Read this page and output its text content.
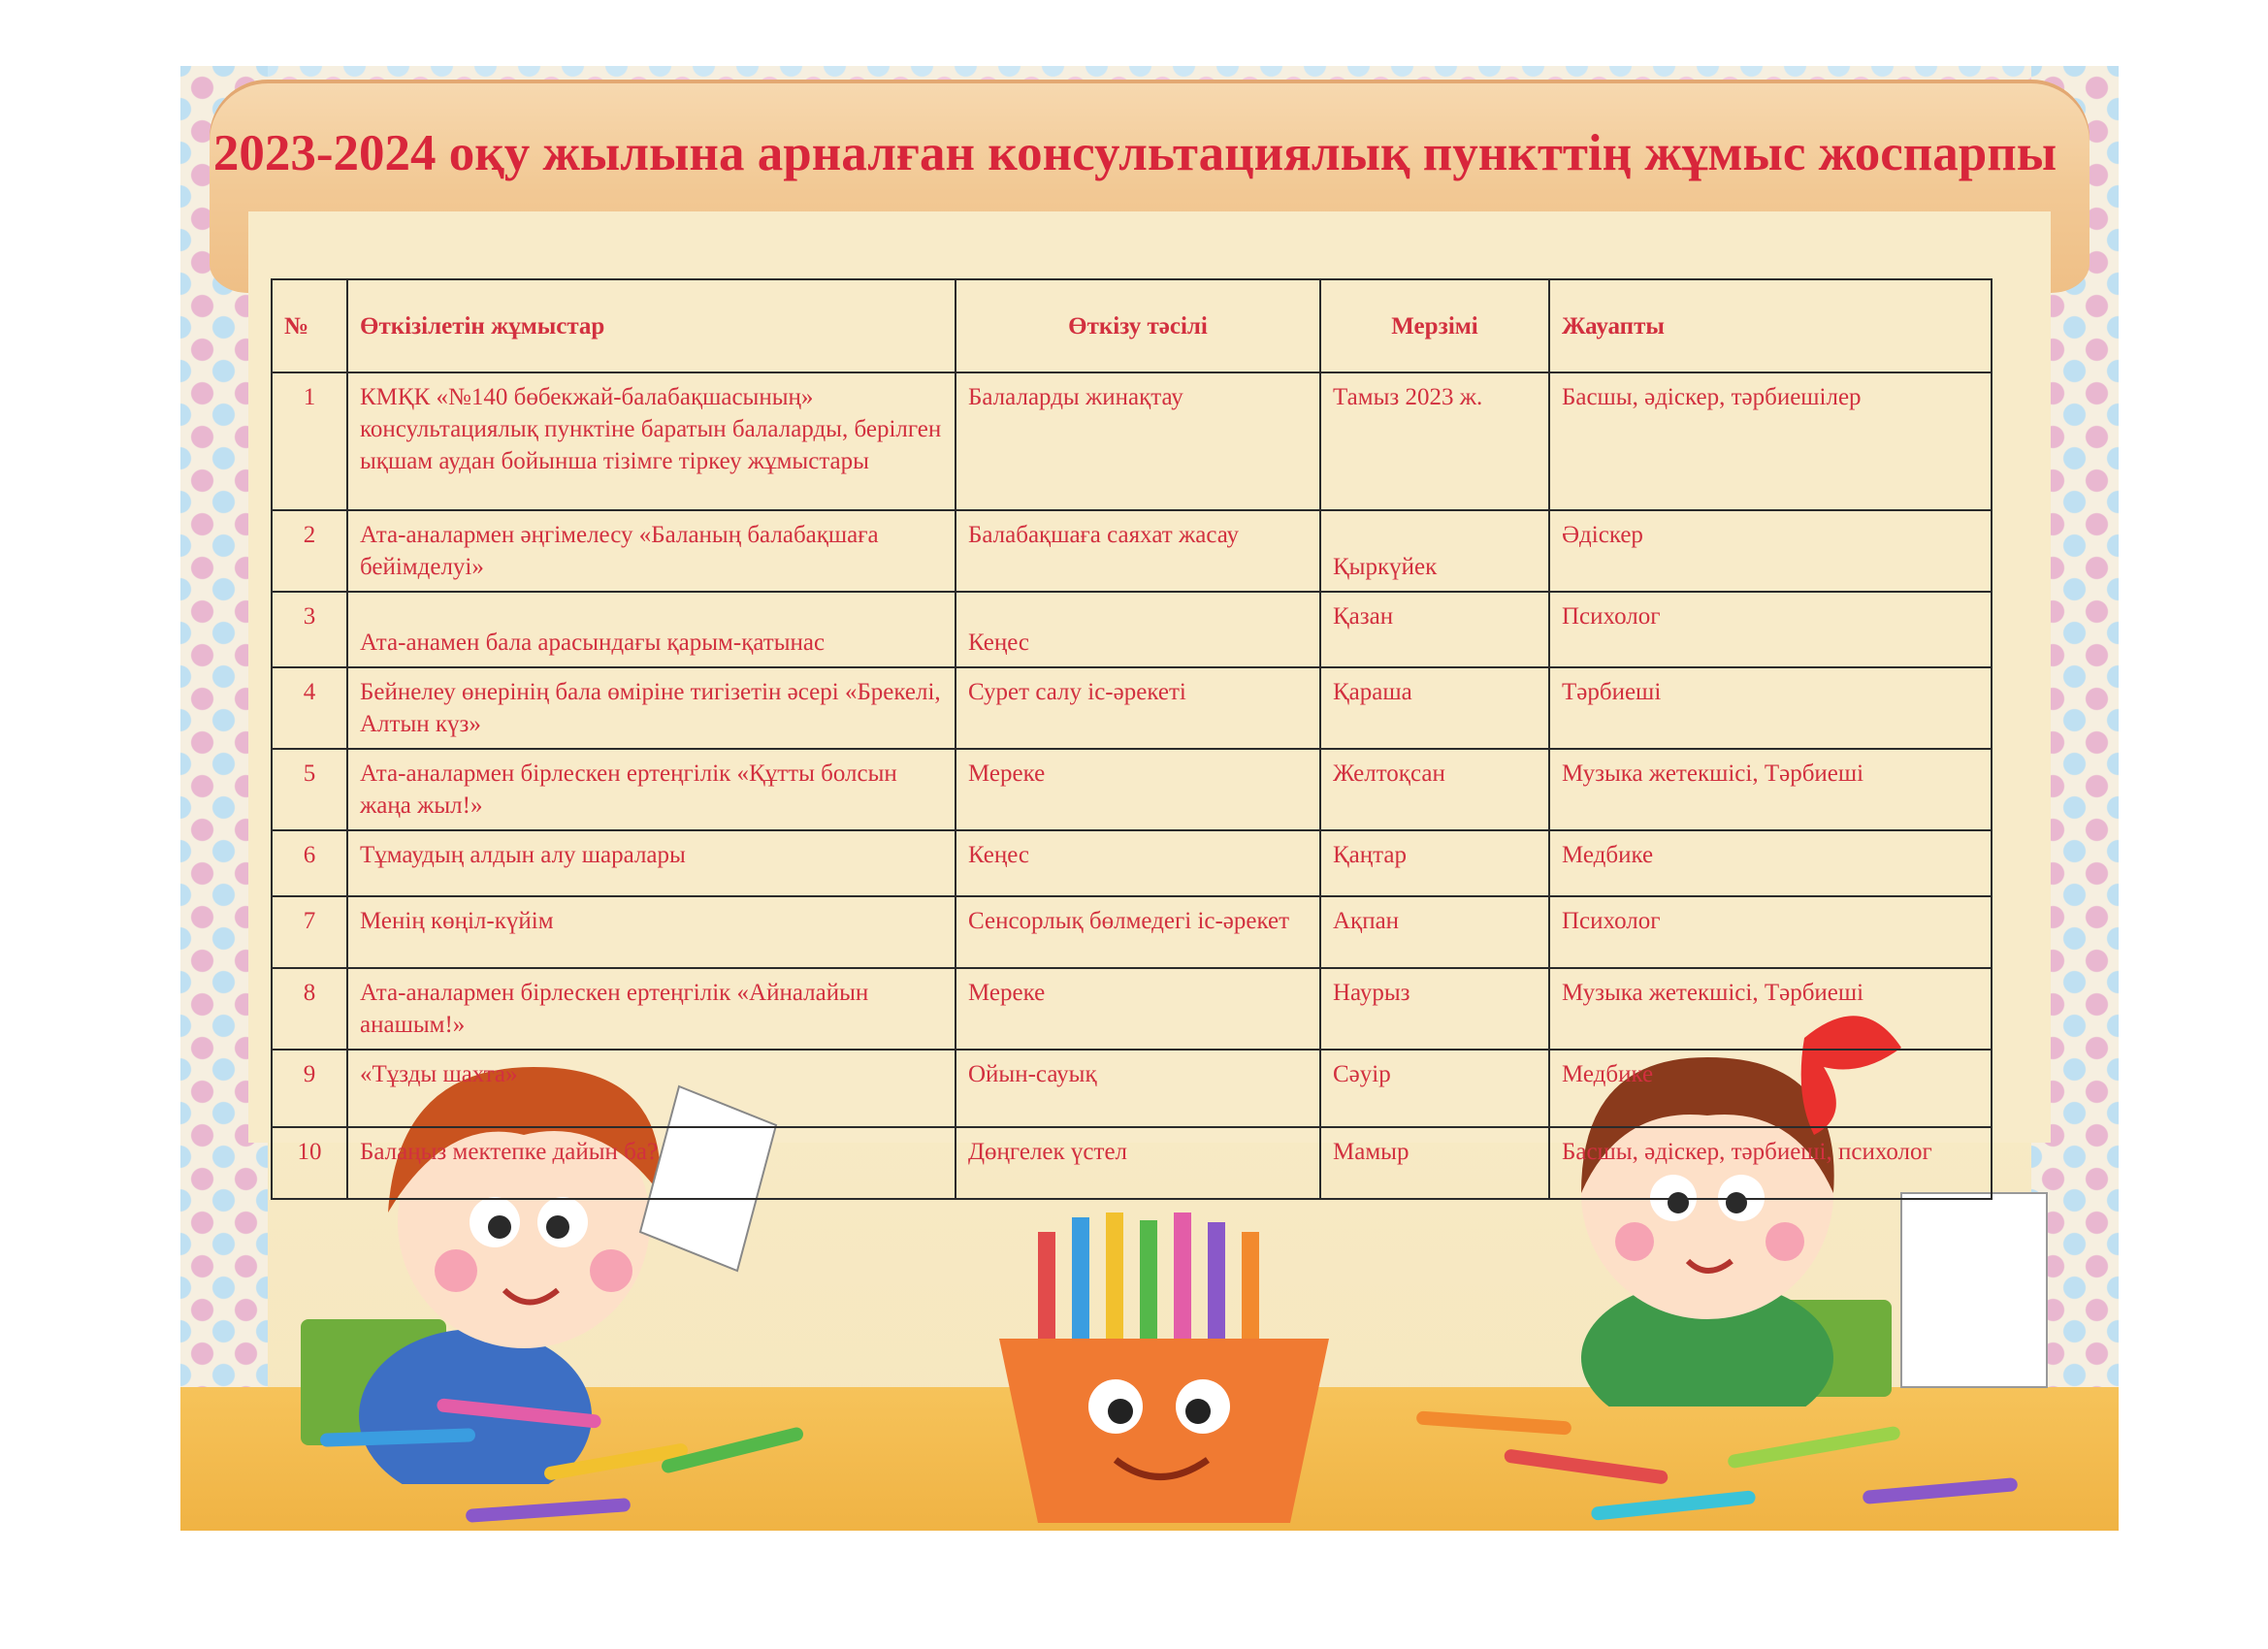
2023-2024 оқу жылына арналған консультациялық пункттің жұмыс жоспарпы
№	Өткізілетін жұмыстар	Өткізу тәсілі	Мерзімі	Жауапты
1	КМҚК «№140 бөбекжай-балабақшасының» консультациялық пунктіне баратын балаларды, берілген ықшам аудан бойынша тізімге тіркеу жұмыстары	Балаларды жинақтау	Тамыз 2023 ж.	Басшы, әдіскер, тәрбиешілер
2	Ата-аналармен әңгімелесу «Баланың балабақшаға бейімделуі»	Балабақшаға саяхат жасау	Қыркүйек	Әдіскер
3	Ата-анамен бала арасындағы қарым-қатынас	Кеңес	Қазан	Психолог
4	Бейнелеу өнерінің бала өміріне тигізетін әсері «Брекелі, Алтын күз»	Сурет салу іс-әрекеті	Қараша	Тәрбиеші
5	Ата-аналармен бірлескен ертеңгілік «Құтты болсын жаңа жыл!»	Мереке	Желтоқсан	Музыка жетекшісі, Тәрбиеші
6	Тұмаудың алдын алу шаралары	Кеңес	Қаңтар	Медбике
7	Менің көңіл-күйім	Сенсорлық бөлмедегі іс-әрекет	Ақпан	Психолог
8	Ата-аналармен бірлескен ертеңгілік «Айналайын анашым!»	Мереке	Наурыз	Музыка жетекшісі, Тәрбиеші
9	«Тұзды шахта»	Ойын-сауық	Сәуір	Медбике
10	Балаңыз мектепке дайын ба?	Дөңгелек үстел	Мамыр	Басшы, әдіскер, тәрбиеші, психолог
